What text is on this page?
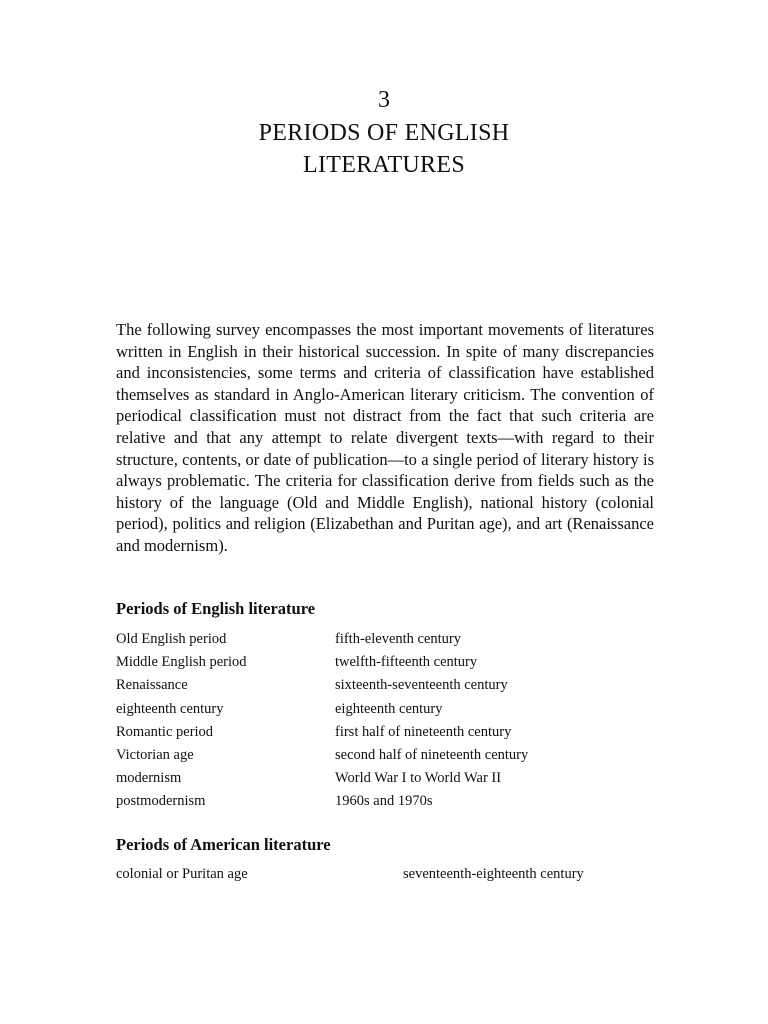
3
PERIODS OF ENGLISH
LITERATURES

The following survey encompasses the most important movements of literatures written in English in their historical succession. In spite of many discrepancies and inconsistencies, some terms and criteria of classification have established themselves as standard in Anglo-American literary criticism. The convention of periodical classification must not distract from the fact that such criteria are relative and that any attempt to relate divergent texts—with regard to their structure, contents, or date of publication—to a single period of literary history is always problematic. The criteria for classification derive from fields such as the history of the language (Old and Middle English), national history (colonial period), politics and religion (Elizabethan and Puritan age), and art (Renaissance and modernism).

Periods of English literature
Old English period	fifth-eleventh century
Middle English period	twelfth-fifteenth century
Renaissance	sixteenth-seventeenth century
eighteenth century	eighteenth century
Romantic period	first half of nineteenth century
Victorian age	second half of nineteenth century
modernism	World War I to World War II
postmodernism	1960s and 1970s
Periods of American literature
colonial or Puritan age	seventeenth-eighteenth century
